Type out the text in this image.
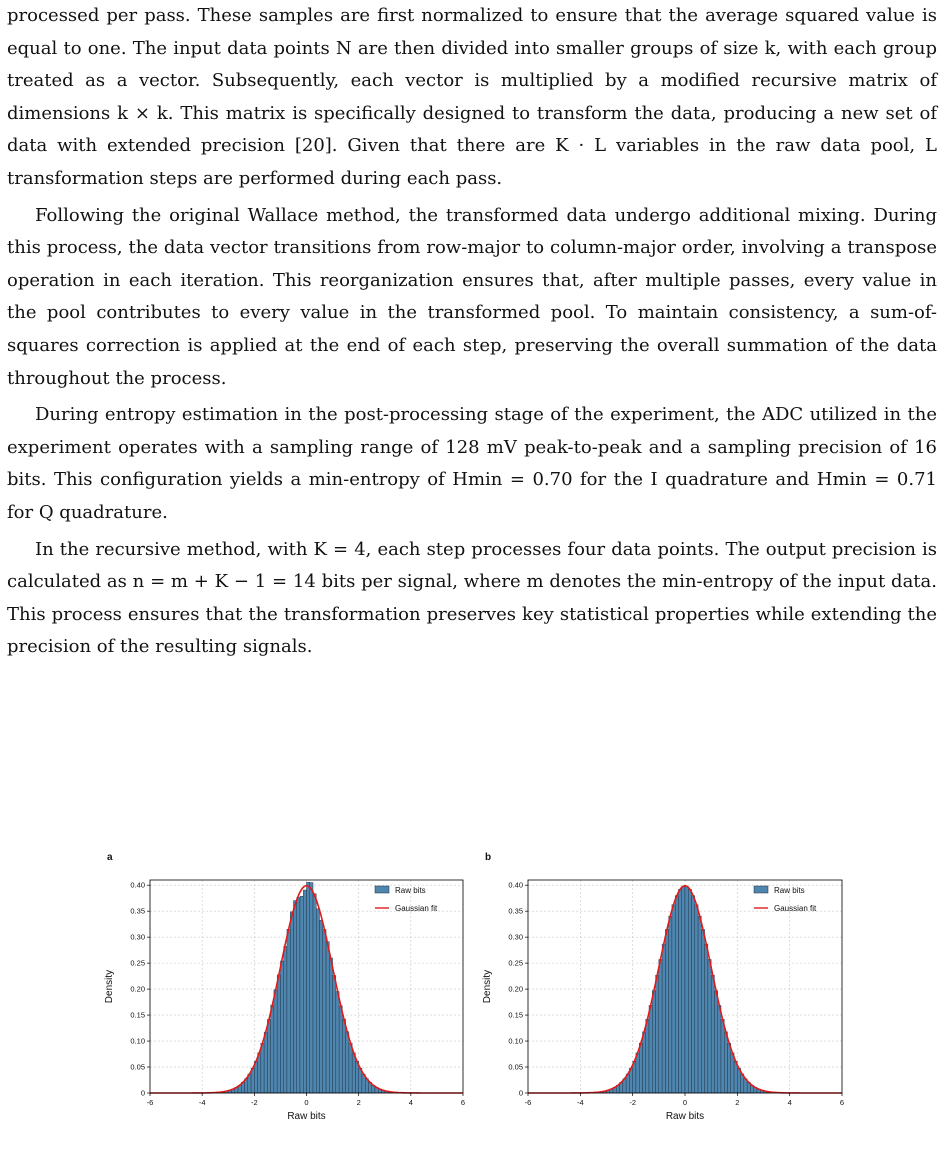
processed per pass. These samples are first normalized to ensure that the average squared value is equal to one. The input data points N are then divided into smaller groups of size k, with each group treated as a vector. Subsequently, each vector is multiplied by a modified recursive matrix of dimensions k × k. This matrix is specifically designed to transform the data, producing a new set of data with extended precision [20]. Given that there are K · L variables in the raw data pool, L transformation steps are performed during each pass.

Following the original Wallace method, the transformed data undergo additional mixing. During this process, the data vector transitions from row-major to column-major order, involving a transpose operation in each iteration. This reorganization ensures that, after multiple passes, every value in the pool contributes to every value in the transformed pool. To maintain consistency, a sum-of-squares correction is applied at the end of each step, preserving the overall summation of the data throughout the process.

During entropy estimation in the post-processing stage of the experiment, the ADC utilized in the experiment operates with a sampling range of 128 mV peak-to-peak and a sampling precision of 16 bits. This configuration yields a min-entropy of Hmin = 0.70 for the I quadrature and Hmin = 0.71 for Q quadrature.

In the recursive method, with K = 4, each step processes four data points. The output precision is calculated as n = m + K − 1 = 14 bits per signal, where m denotes the min-entropy of the input data. This process ensures that the transformation preserves key statistical properties while extending the precision of the resulting signals.

-6	-4	-2	0	2	4	6
0
0.05
0.10
0.15
0.20
0.25
0.30
0.35
0.40
Raw bits
Density
a
Raw bits
Gaussian fit
-6	-4	-2	0	2	4	6
0
0.05
0.10
0.15
0.20
0.25
0.30
0.35
0.40
Raw bits
Density
b
Raw bits
Gaussian fit
